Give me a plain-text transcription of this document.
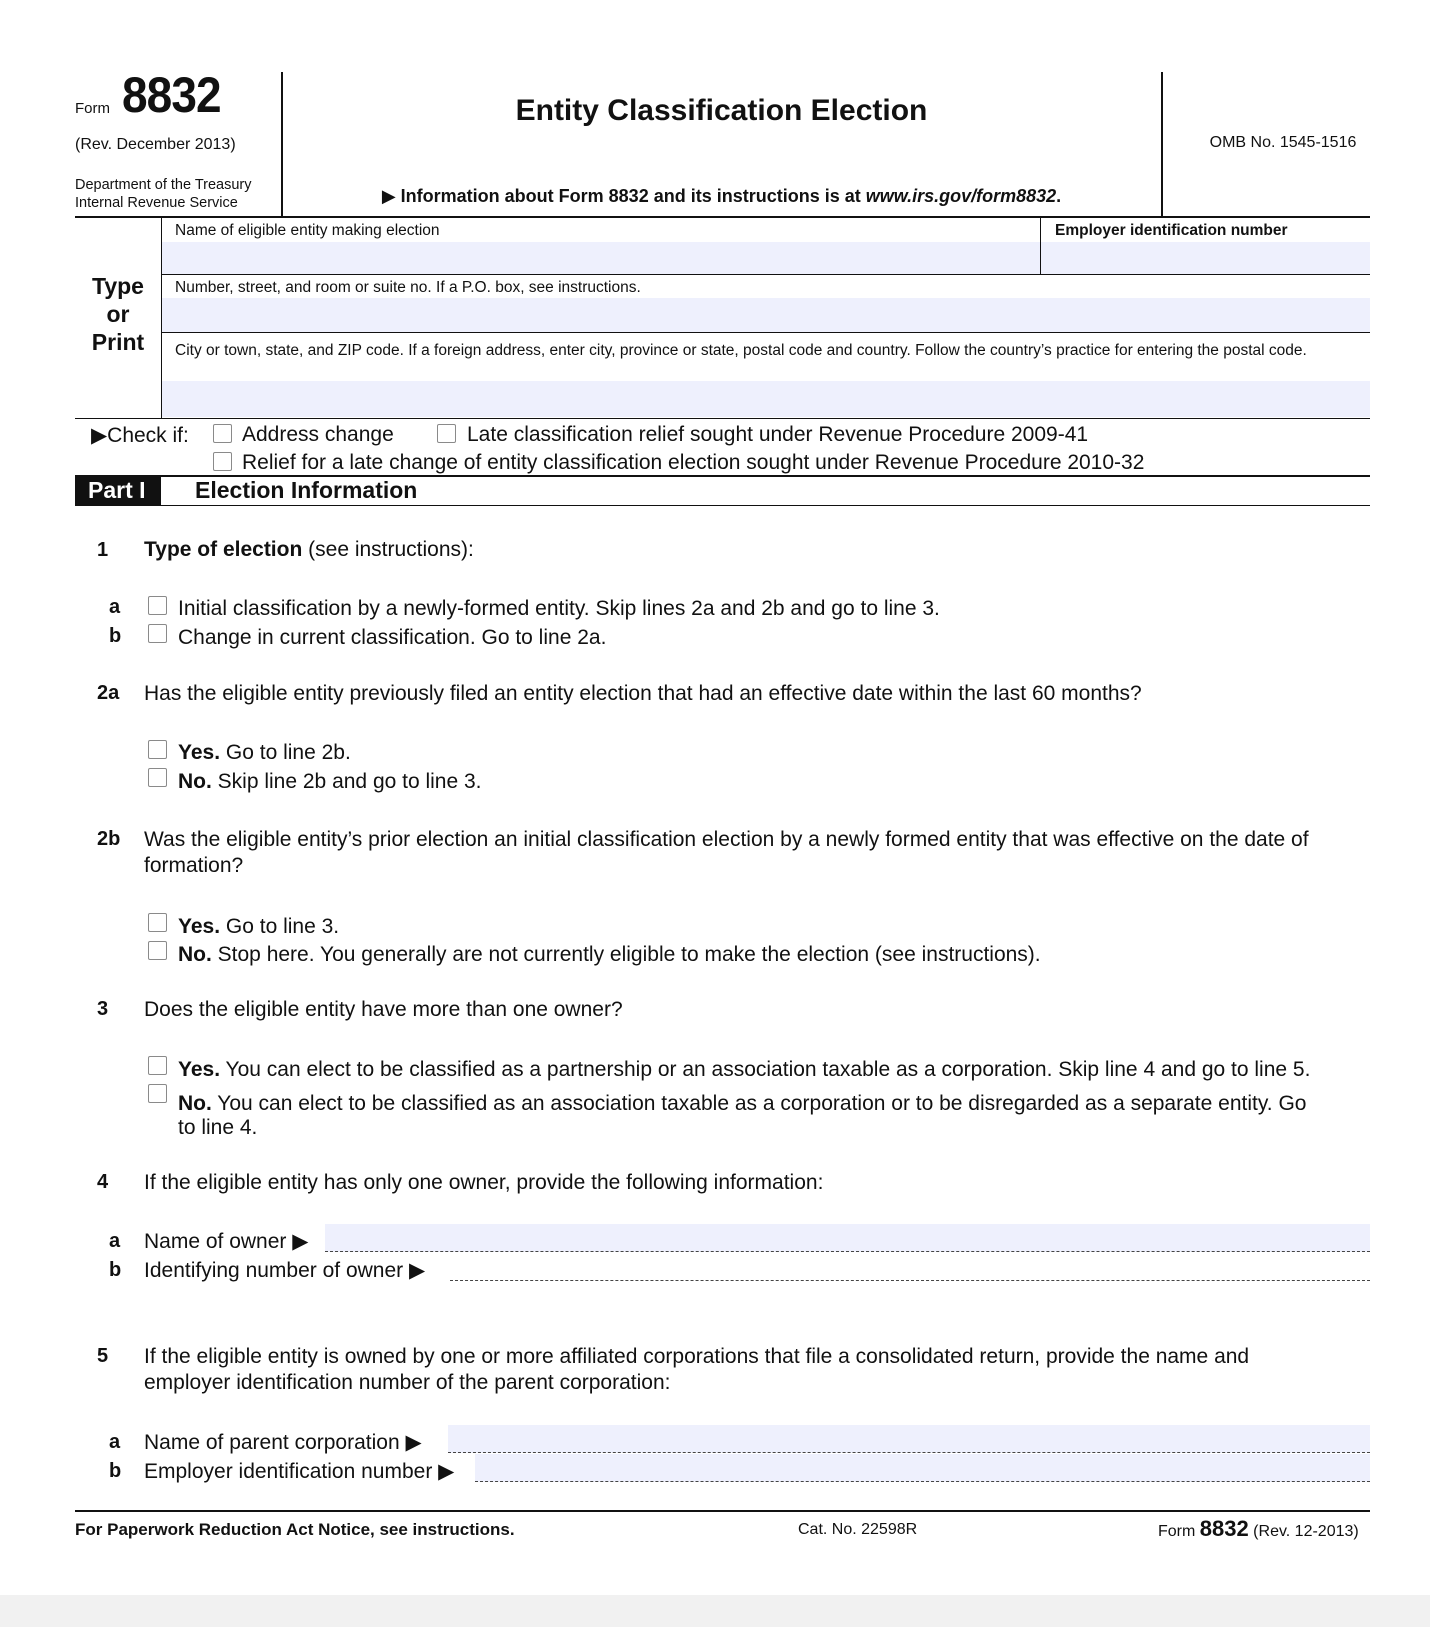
Form 8832
(Rev. December 2013)
Department of the Treasury
Internal Revenue Service
Entity Classification Election
▶ Information about Form 8832 and its instructions is at www.irs.gov/form8832.
OMB No. 1545-1516
Type
or
Print
Name of eligible entity making election	Employer identification number
Number, street, and room or suite no. If a P.O. box, see instructions.
City or town, state, and ZIP code. If a foreign address, enter city, province or state, postal code and country. Follow the country’s practice for entering the postal code.
▶Check if:	Address change	Late classification relief sought under Revenue Procedure 2009-41
Relief for a late change of entity classification election sought under Revenue Procedure 2010-32
Part I	Election Information
1 Type of election (see instructions):
a	Initial classification by a newly-formed entity. Skip lines 2a and 2b and go to line 3.
b	Change in current classification. Go to line 2a.
2a Has the eligible entity previously filed an entity election that had an effective date within the last 60 months?
Yes. Go to line 2b.
No. Skip line 2b and go to line 3.
2b Was the eligible entity’s prior election an initial classification election by a newly formed entity that was effective on the date of
formation?
Yes. Go to line 3.
No. Stop here. You generally are not currently eligible to make the election (see instructions).
3 Does the eligible entity have more than one owner?
Yes. You can elect to be classified as a partnership or an association taxable as a corporation. Skip line 4 and go to line 5.
No. You can elect to be classified as an association taxable as a corporation or to be disregarded as a separate entity. Go
to line 4.
4 If the eligible entity has only one owner, provide the following information:
a Name of owner ▶
b Identifying number of owner ▶
5 If the eligible entity is owned by one or more affiliated corporations that file a consolidated return, provide the name and
employer identification number of the parent corporation:
a Name of parent corporation ▶
b Employer identification number ▶
For Paperwork Reduction Act Notice, see instructions.	Cat. No. 22598R	Form 8832 (Rev. 12-2013)
